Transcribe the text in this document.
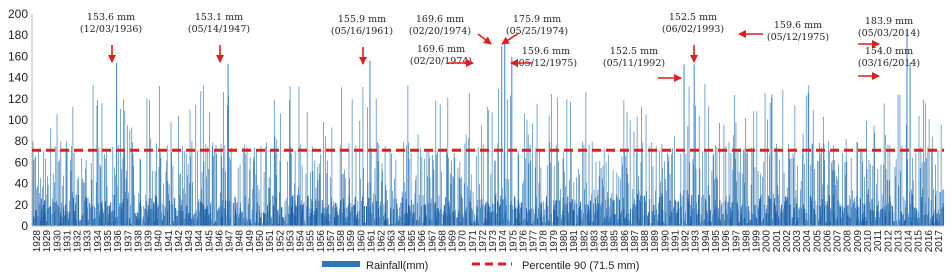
0
20
40
60
80
100
120
140
160
180
200
1928 1929 1930 1931 1932 1933 1934 1935 1936 1937 1938 1939 1940 1941 1942 1943 1944 1945 1946 1947 1948 1949 1950 1951 1952 1953 1954 1955 1956 1957 1958 1959 1960 1961 1962 1963 1964 1965 1966 1967 1968 1969 1970 1971 1972 1973 1974 1975 1976 1977 1978 1979 1980 1981 1982 1983 1984 1985 1986 1987 1988 1989 1990 1991 1992 1993 1994 1995 1996 1997 1998 1999 2000 2001 2002 2003 2004 2005 2006 2007 2008 2009 2010 2011 2012 2013 2014 2015 2016 2017
153.6 mm
(12/03/1936)
153.1 mm
(05/14/1947)
155.9 mm
(05/16/1961)
169.6 mm
(02/20/1974)
169.6 mm
(02/20/1974)
175.9 mm
(05/25/1974)
159.6 mm
(05/12/1975)
152.5 mm
(05/11/1992)
152.5 mm
(06/02/1993)	159.6 mm
(05/12/1975)
183.9 mm
(05/03/2014)
154.0 mm
(03/16/2014)
Rainfall(mm)	Percentile 90 (71.5 mm)
